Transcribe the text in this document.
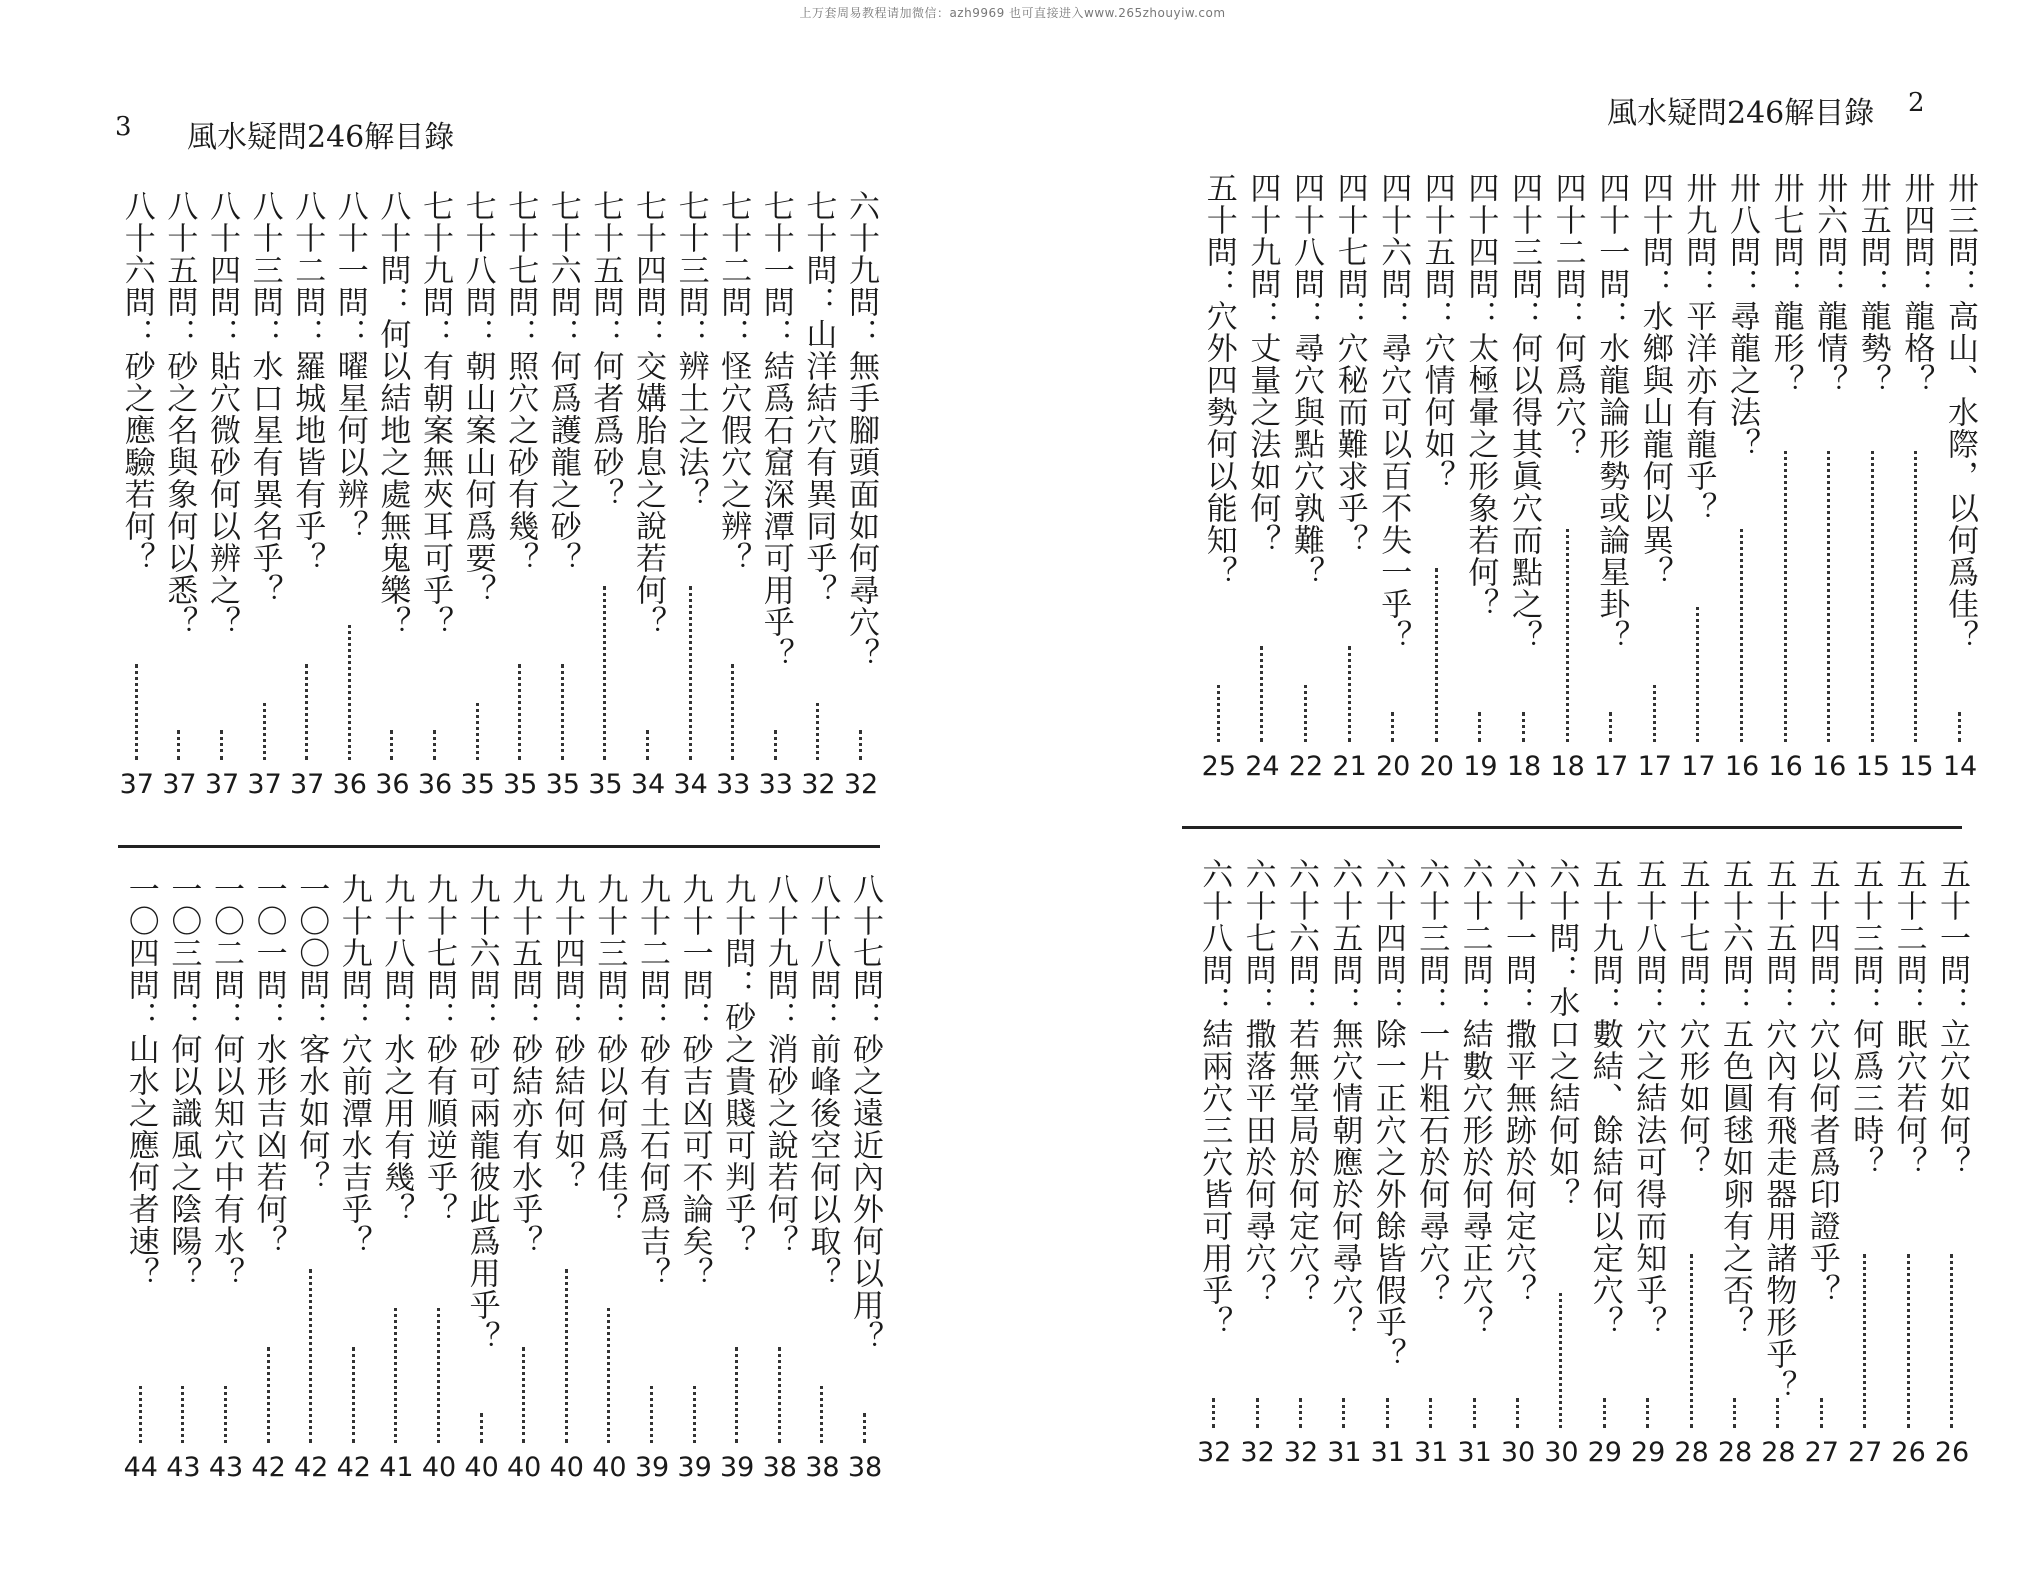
上万套周易教程请加微信：azh9969 也可直接进入www.265zhouyiw.com
3 風水疑問246解目錄
六十九問：無手腳頭面如何尋穴？
32
七十問：山洋結穴有異同乎？
32
七十一問：結爲石窟深潭可用乎？
33
七十二問：怪穴假穴之辨？
33
七十三問：辨土之法？
34
七十四問：交媾胎息之說若何？
34
七十五問：何者爲砂？
35
七十六問：何爲護龍之砂？
35
七十七問：照穴之砂有幾？
35
七十八問：朝山案山何爲要？
35
七十九問：有朝案無夾耳可乎？
36
八十問：何以結地之處無鬼樂？
36
八十一問：曜星何以辨？
36
八十二問：羅城地皆有乎？
37
八十三問：水口星有異名乎？
37
八十四問：貼穴微砂何以辨之？
37
八十五問：砂之名與象何以悉？
37
八十六問：砂之應驗若何？
37
八十七問：砂之遠近內外何以用？
38
八十八問：前峰後空何以取？
38
八十九問：消砂之說若何？
38
九十問：砂之貴賤可判乎？
39
九十一問：砂吉凶可不論矣？
39
九十二問：砂有土石何爲吉？
39
九十三問：砂以何爲佳？
40
九十四問：砂結何如？
40
九十五問：砂結亦有水乎？
40
九十六問：砂可兩龍彼此爲用乎？
40
九十七問：砂有順逆乎？
40
九十八問：水之用有幾？
41
九十九問：穴前潭水吉乎？
42
一〇〇問：客水如何？
42
一〇一問：水形吉凶若何？
42
一〇二問：何以知穴中有水？
43
一〇三問：何以識風之陰陽？
43
一〇四問：山水之應何者速？
44
風水疑問246解目錄 2
卅三問：高山、水際，以何爲佳？
14
卅四問：龍格？
15
卅五問：龍勢？
15
卅六問：龍情？
16
卅七問：龍形？
16
卅八問：尋龍之法？
16
卅九問：平洋亦有龍乎？
17
四十問：水鄉與山龍何以異？
17
四十一問：水龍論形勢或論星卦？
17
四十二問：何爲穴？
18
四十三問：何以得其眞穴而點之？
18
四十四問：太極暈之形象若何？
19
四十五問：穴情何如？
20
四十六問：尋穴可以百不失一乎？
20
四十七問：穴秘而難求乎？
21
四十八問：尋穴與點穴孰難？
22
四十九問：丈量之法如何？
24
五十問：穴外四勢何以能知？
25
五十一問：立穴如何？
26
五十二問：眠穴若何？
26
五十三問：何爲三時？
27
五十四問：穴以何者爲印證乎？
27
五十五問：穴內有飛走器用諸物形乎？
28
五十六問：五色圓毬如卵有之否？
28
五十七問：穴形如何？
28
五十八問：穴之結法可得而知乎？
29
五十九問：數結、餘結何以定穴？
29
六十問：水口之結何如？
30
六十一問：撒平無跡於何定穴？
30
六十二問：結數穴形於何尋正穴？
31
六十三問：一片粗石於何尋穴？
31
六十四問：除一正穴之外餘皆假乎？
31
六十五問：無穴情朝應於何尋穴？
31
六十六問：若無堂局於何定穴？
32
六十七問：撒落平田於何尋穴？
32
六十八問：結兩穴三穴皆可用乎？
32
